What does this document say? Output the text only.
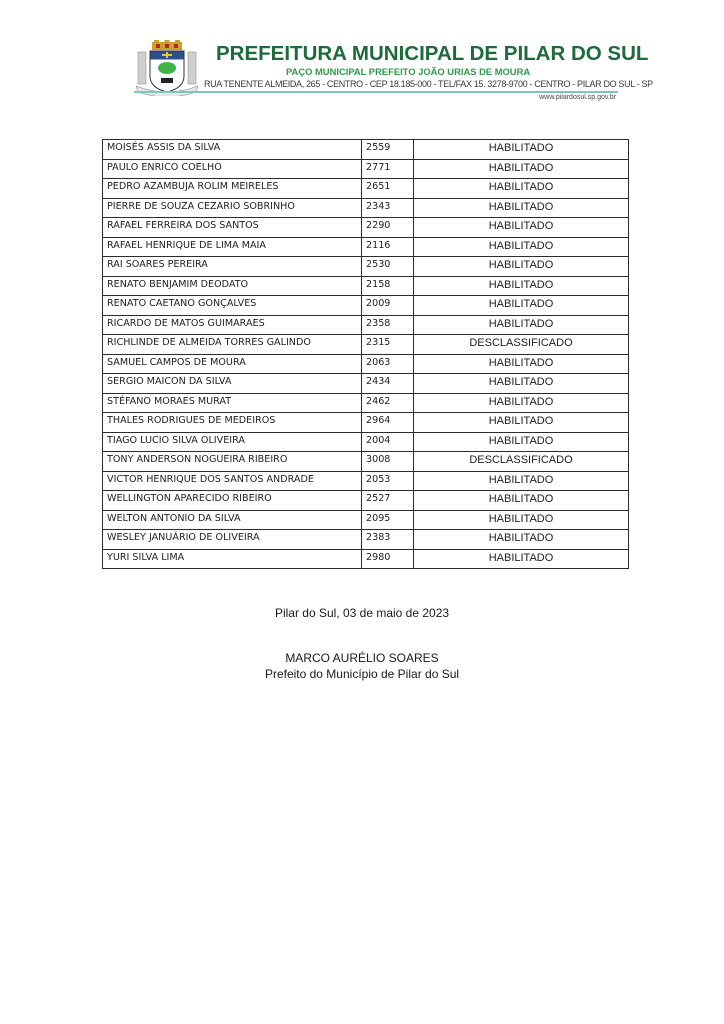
PREFEITURA MUNICIPAL DE PILAR DO SUL
PAÇO MUNICIPAL PREFEITO JOÃO URIAS DE MOURA
RUA TENENTE ALMEIDA, 265 - CENTRO - CEP 18.185-000 - TEL/FAX 15. 3278-9700 - CENTRO - PILAR DO SUL - SP
www.pilardosul.sp.gov.br
MOISÉS ASSIS DA SILVA	2559	HABILITADO
PAULO ENRICO COELHO	2771	HABILITADO
PEDRO AZAMBUJA ROLIM MEIRELES	2651	HABILITADO
PIERRE DE SOUZA CEZARIO SOBRINHO	2343	HABILITADO
RAFAEL FERREIRA DOS SANTOS	2290	HABILITADO
RAFAEL HENRIQUE DE LIMA MAIA	2116	HABILITADO
RAI SOARES PEREIRA	2530	HABILITADO
RENATO BENJAMIM DEODATO	2158	HABILITADO
RENATO CAETANO GONÇALVES	2009	HABILITADO
RICARDO DE MATOS GUIMARAES	2358	HABILITADO
RICHLINDE DE ALMEIDA TORRES GALINDO	2315	DESCLASSIFICADO
SAMUEL CAMPOS DE MOURA	2063	HABILITADO
SERGIO MAICON DA SILVA	2434	HABILITADO
STÉFANO MORAES MURAT	2462	HABILITADO
THALES RODRIGUES DE MEDEIROS	2964	HABILITADO
TIAGO LUCIO SILVA OLIVEIRA	2004	HABILITADO
TONY ANDERSON NOGUEIRA RIBEIRO	3008	DESCLASSIFICADO
VICTOR HENRIQUE DOS SANTOS ANDRADE	2053	HABILITADO
WELLINGTON APARECIDO RIBEIRO	2527	HABILITADO
WELTON ANTONIO DA SILVA	2095	HABILITADO
WESLEY JANUÁRIO DE OLIVEIRA	2383	HABILITADO
YURI SILVA LIMA	2980	HABILITADO
Pilar do Sul, 03 de maio de 2023
MARCO AURÉLIO SOARES
Prefeito do Município de Pilar do Sul
